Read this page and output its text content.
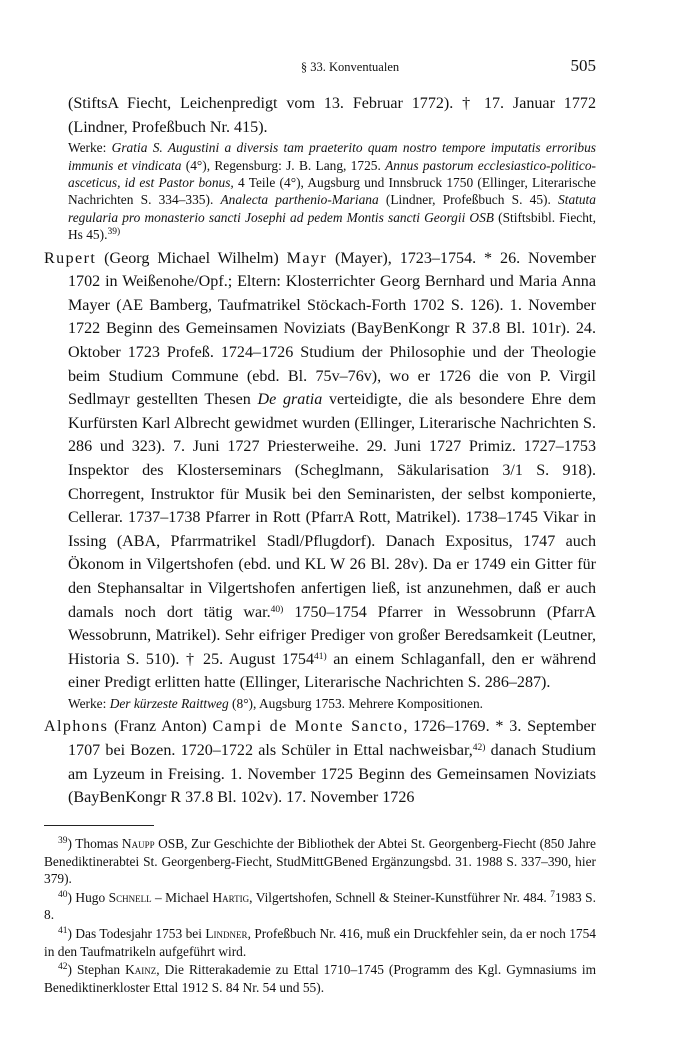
§ 33. Konventualen	505

(StiftsA Fiecht, Leichenpredigt vom 13. Februar 1772). † 17. Januar 1772 (Lindner, Profeßbuch Nr. 415).

Werke: Gratia S. Augustini a diversis tam praeterito quam nostro tempore imputatis erroribus immunis et vindicata (4°), Regensburg: J. B. Lang, 1725. Annus pastorum ecclesiastico-politico-asceticus, id est Pastor bonus, 4 Teile (4°), Augsburg und Innsbruck 1750 (Ellinger, Literarische Nachrichten S. 334–335). Analecta parthenio-Mariana (Lindner, Profeßbuch S. 45). Statuta regularia pro monasterio sancti Josephi ad pedem Montis sancti Georgii OSB (Stiftsbibl. Fiecht, Hs 45).$^{39)}$

Rupert (Georg Michael Wilhelm) Mayr (Mayer), 1723–1754. * 26. November 1702 in Weißenohe/Opf.; Eltern: Klosterrichter Georg Bernhard und Maria Anna Mayer (AE Bamberg, Taufmatrikel Stöckach-Forth 1702 S. 126). 1. November 1722 Beginn des Gemeinsamen Noviziats (BayBenKongr R 37.8 Bl. 101r). 24. Oktober 1723 Profeß. 1724–1726 Studium der Philosophie und der Theologie beim Studium Commune (ebd. Bl. 75v–76v), wo er 1726 die von P. Virgil Sedlmayr gestellten Thesen De gratia verteidigte, die als besondere Ehre dem Kurfürsten Karl Albrecht gewidmet wurden (Ellinger, Literarische Nachrichten S. 286 und 323). 7. Juni 1727 Priesterweihe. 29. Juni 1727 Primiz. 1727–1753 Inspektor des Klosterseminars (Scheglmann, Säkularisation 3/1 S. 918). Chorregent, Instruktor für Musik bei den Seminaristen, der selbst komponierte, Cellerar. 1737–1738 Pfarrer in Rott (PfarrA Rott, Matrikel). 1738–1745 Vikar in Issing (ABA, Pfarrmatrikel Stadl/Pflugdorf). Danach Expositus, 1747 auch Ökonom in Vilgertshofen (ebd. und KL W 26 Bl. 28v). Da er 1749 ein Gitter für den Stephansaltar in Vilgertshofen anfertigen ließ, ist anzunehmen, daß er auch damals noch dort tätig war.$^{40)}$ 1750–1754 Pfarrer in Wessobrunn (PfarrA Wessobrunn, Matrikel). Sehr eifriger Prediger von großer Beredsamkeit (Leutner, Historia S. 510). † 25. August 1754$^{41)}$ an einem Schlaganfall, den er während einer Predigt erlitten hatte (Ellinger, Literarische Nachrichten S. 286–287).

Werke: Der kürzeste Raittweg (8°), Augsburg 1753. Mehrere Kompositionen.

Alphons (Franz Anton) Campi de Monte Sancto, 1726–1769. * 3. September 1707 bei Bozen. 1720–1722 als Schüler in Ettal nachweisbar,$^{42)}$ danach Studium am Lyzeum in Freising. 1. November 1725 Beginn des Gemeinsamen Noviziats (BayBenKongr R 37.8 Bl. 102v). 17. November 1726

$^{39}$) Thomas Naupp OSB, Zur Geschichte der Bibliothek der Abtei St. Georgenberg-Fiecht (850 Jahre Benediktinerabtei St. Georgenberg-Fiecht, StudMittGBened Ergänzungsbd. 31. 1988 S. 337–390, hier 379).

$^{40}$) Hugo Schnell – Michael Hartig, Vilgertshofen, Schnell & Steiner-Kunstführer Nr. 484. $^7$1983 S. 8.

$^{41}$) Das Todesjahr 1753 bei Lindner, Profeßbuch Nr. 416, muß ein Druckfehler sein, da er noch 1754 in den Taufmatrikeln aufgeführt wird.

$^{42}$) Stephan Kainz, Die Ritterakademie zu Ettal 1710–1745 (Programm des Kgl. Gymnasiums im Benediktinerkloster Ettal 1912 S. 84 Nr. 54 und 55).
